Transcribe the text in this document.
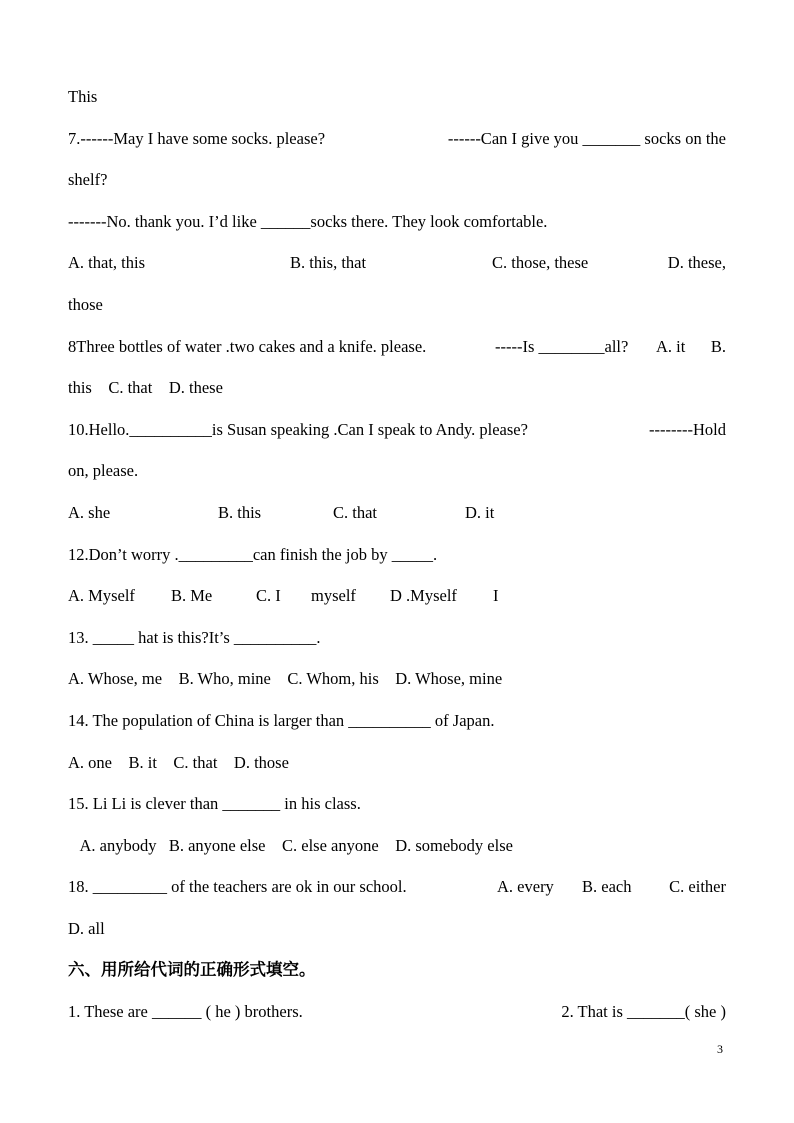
This
7.------May I have some socks. please?	------Can I give you _______ socks on the
shelf?
-------No. thank you. I’d like ______socks there. They look comfortable.

A. that, this

	B. this, that

	C. those, these

	D. these,

those

8Three bottles of water .two cakes and a knife. please.

	-----Is ________all?

A. it

B.

this    C. that    D. these
10.Hello.__________is Susan speaking .Can I speak to Andy. please?	--------Hold
on, please.

A. she

	B. this

	C. that

	D. it

12.Don’t worry ._________can finish the job by _____.

A. Myself

B. Me

	C. I

myself

D .Myself

I

13. _____ hat is this?It’s __________.
A. Whose, me    B. Who, mine    C. Whom, his    D. Whose, mine
14. The population of China is larger than __________ of Japan.
A. one    B. it    C. that    D. those
15. Li Li is clever than _______ in his class.
A. anybody   B. anyone else    C. else anyone    D. somebody else

18. _________ of the teachers are ok in our school.

	A. every

B. each

C. either

D. all
六、用所给代词的正确形式填空。
1. These are ______ ( he ) brothers.	2. That is _______( she )
3
